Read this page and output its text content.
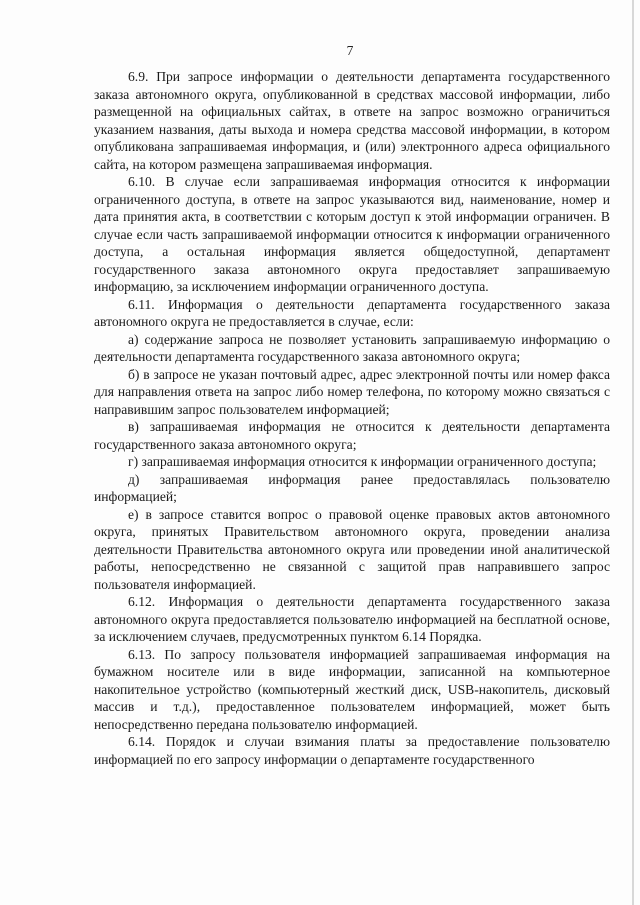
7

6.9. При запросе информации о деятельности департамента государственного заказа автономного округа, опубликованной в средствах массовой информации, либо размещенной на официальных сайтах, в ответе на запрос возможно ограничиться указанием названия, даты выхода и номера средства массовой информации, в котором опубликована запрашиваемая информация, и (или) электронного адреса официального сайта, на котором размещена запрашиваемая информация.

6.10. В случае если запрашиваемая информация относится к информации ограниченного доступа, в ответе на запрос указываются вид, наименование, номер и дата принятия акта, в соответствии с которым доступ к этой информации ограничен. В случае если часть запрашиваемой информации относится к информации ограниченного доступа, а остальная информация является общедоступной, департамент государственного заказа автономного округа предоставляет запрашиваемую информацию, за исключением информации ограниченного доступа.

6.11. Информация о деятельности департамента государственного заказа автономного округа не предоставляется в случае, если:

а) содержание запроса не позволяет установить запрашиваемую информацию о деятельности департамента государственного заказа автономного округа;

б) в запросе не указан почтовый адрес, адрес электронной почты или номер факса для направления ответа на запрос либо номер телефона, по которому можно связаться с направившим запрос пользователем информацией;

в) запрашиваемая информация не относится к деятельности департамента государственного заказа автономного округа;

г) запрашиваемая информация относится к информации ограниченного доступа;

д) запрашиваемая информация ранее предоставлялась пользователю информацией;

е) в запросе ставится вопрос о правовой оценке правовых актов автономного округа, принятых Правительством автономного округа, проведении анализа деятельности Правительства автономного округа или проведении иной аналитической работы, непосредственно не связанной с защитой прав направившего запрос пользователя информацией.

6.12. Информация о деятельности департамента государственного заказа автономного округа предоставляется пользователю информацией на бесплатной основе, за исключением случаев, предусмотренных пунктом 6.14 Порядка.

6.13. По запросу пользователя информацией запрашиваемая информация на бумажном носителе или в виде информации, записанной на компьютерное накопительное устройство (компьютерный жесткий диск, USB-накопитель, дисковый массив и т.д.), предоставленное пользователем информацией, может быть непосредственно передана пользователю информацией.

6.14. Порядок и случаи взимания платы за предоставление пользователю информацией по его запросу информации о департаменте государственного
